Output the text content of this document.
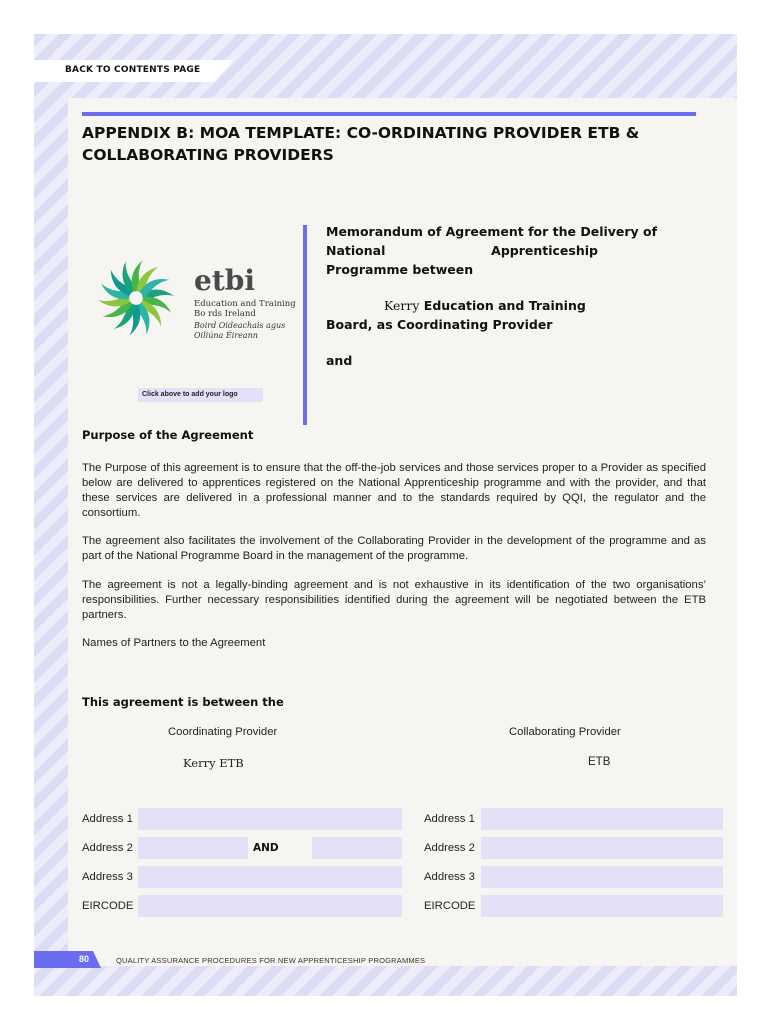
BACK TO CONTENTS PAGE
APPENDIX B: MOA TEMPLATE: CO-ORDINATING PROVIDER ETB &
COLLABORATING PROVIDERS
etbi
Education and Training
Bo rds Ireland
Boird Oideachais agus
Oiliúna Éireann
Click above to add your logo
Memorandum of Agreement for the Delivery of
National	Apprenticeship
Programme between
Kerry Education and Training
Board, as Coordinating Provider
and
Purpose of the Agreement
The Purpose of this agreement is to ensure that the off-the-job services and those services proper to a Provider as specified below are delivered to apprentices registered on the National Apprenticeship programme and with the provider, and that these services are delivered in a professional manner and to the standards required by QQI, the regulator and the consortium.
The agreement also facilitates the involvement of the Collaborating Provider in the development of the programme and as part of the National Programme Board in the management of the programme.
The agreement is not a legally-binding agreement and is not exhaustive in its identification of the two organisations’ responsibilities. Further necessary responsibilities identified during the agreement will be negotiated between the ETB partners.
Names of Partners to the Agreement
This agreement is between the
Coordinating Provider	Collaborating Provider
Kerry ETB	ETB
Address 1
Address 2	AND
Address 3
EIRCODE
Address 1
Address 2
Address 3
EIRCODE
80	QUALITY ASSURANCE PROCEDURES FOR NEW APPRENTICESHIP PROGRAMMES
